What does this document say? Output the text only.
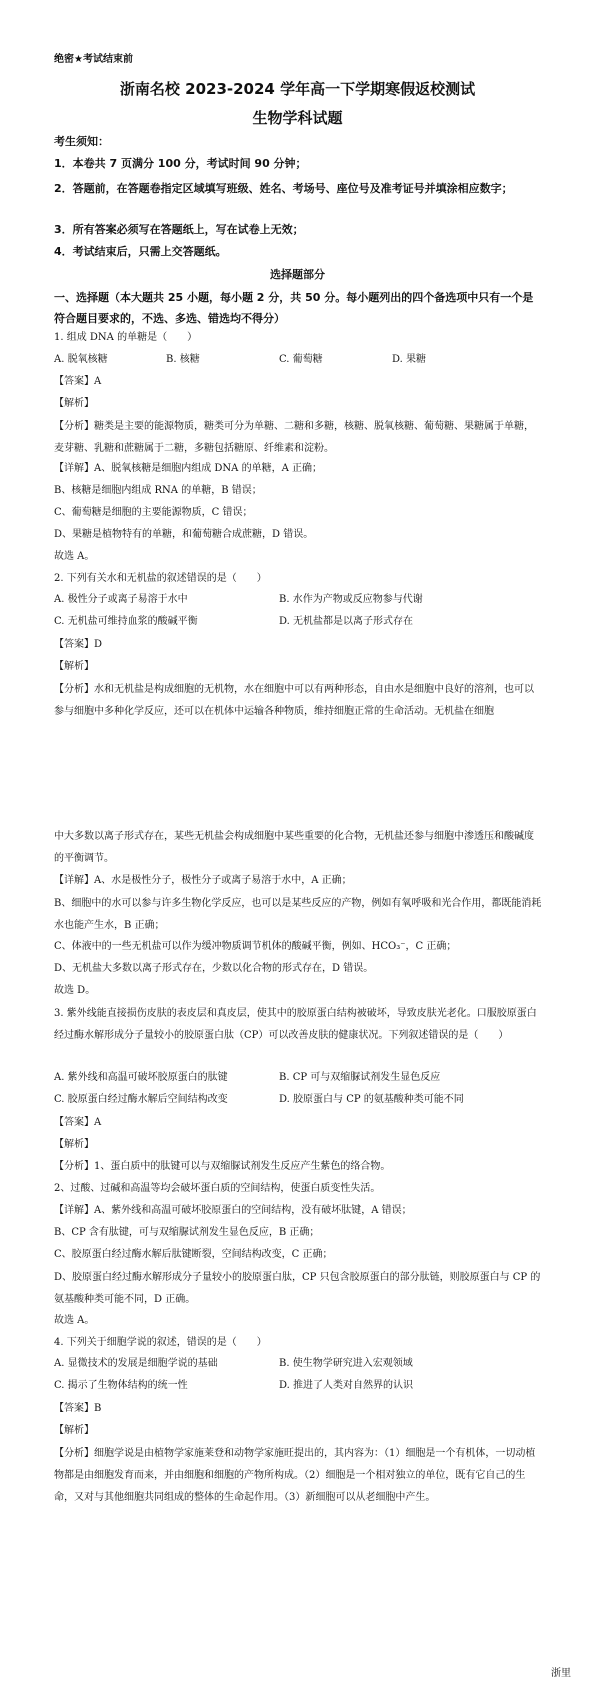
绝密★考试结束前
浙南名校 2023-2024 学年高一下学期寒假返校测试
生物学科试题
考生须知：
1．本卷共 7 页满分 100 分，考试时间 90 分钟；
2．答题前，在答题卷指定区域填写班级、姓名、考场号、座位号及准考证号并填涂相应数字；
3．所有答案必须写在答题纸上，写在试卷上无效；
4．考试结束后，只需上交答题纸。
选择题部分
一、选择题（本大题共 25 小题，每小题 2 分，共 50 分。每小题列出的四个备选项中只有一个是符合题目要求的，不选、多选、错选均不得分）
1. 组成 DNA 的单糖是（　　）
A. 脱氧核糖	B. 核糖	C. 葡萄糖	D. 果糖
【答案】A
【解析】
【分析】糖类是主要的能源物质，糖类可分为单糖、二糖和多糖，核糖、脱氧核糖、葡萄糖、果糖属于单糖，麦芽糖、乳糖和蔗糖属于二糖，多糖包括糖原、纤维素和淀粉。
【详解】A、脱氧核糖是细胞内组成 DNA 的单糖，A 正确；
B、核糖是细胞内组成 RNA 的单糖，B 错误；
C、葡萄糖是细胞的主要能源物质，C 错误；
D、果糖是植物特有的单糖，和葡萄糖合成蔗糖，D 错误。
故选 A。
2. 下列有关水和无机盐的叙述错误的是（　　）
A. 极性分子或离子易溶于水中	B. 水作为产物或反应物参与代谢
C. 无机盐可维持血浆的酸碱平衡	D. 无机盐都是以离子形式存在
【答案】D
【解析】
【分析】水和无机盐是构成细胞的无机物，水在细胞中可以有两种形态，自由水是细胞中良好的溶剂，也可以参与细胞中多种化学反应，还可以在机体中运输各种物质，维持细胞正常的生命活动。无机盐在细胞
中大多数以离子形式存在，某些无机盐会构成细胞中某些重要的化合物，无机盐还参与细胞中渗透压和酸碱度的平衡调节。
【详解】A、水是极性分子，极性分子或离子易溶于水中，A 正确；
B、细胞中的水可以参与许多生物化学反应，也可以是某些反应的产物，例如有氧呼吸和光合作用，都既能消耗水也能产生水，B 正确；
C、体液中的一些无机盐可以作为缓冲物质调节机体的酸碱平衡，例如、HCO₃⁻，C 正确；
D、无机盐大多数以离子形式存在，少数以化合物的形式存在，D 错误。
故选 D。
3. 紫外线能直接损伤皮肤的表皮层和真皮层，使其中的胶原蛋白结构被破坏，导致皮肤光老化。口服胶原蛋白经过酶水解形成分子量较小的胶原蛋白肽（CP）可以改善皮肤的健康状况。下列叙述错误的是（　　）
A. 紫外线和高温可破坏胶原蛋白的肽键	B. CP 可与双缩脲试剂发生显色反应
C. 胶原蛋白经过酶水解后空间结构改变	D. 胶原蛋白与 CP 的氨基酸种类可能不同
【答案】A
【解析】
【分析】1、蛋白质中的肽键可以与双缩脲试剂发生反应产生紫色的络合物。
2、过酸、过碱和高温等均会破坏蛋白质的空间结构，使蛋白质变性失活。
【详解】A、紫外线和高温可破坏胶原蛋白的空间结构，没有破坏肽键，A 错误；
B、CP 含有肽键，可与双缩脲试剂发生显色反应，B 正确；
C、胶原蛋白经过酶水解后肽键断裂，空间结构改变，C 正确；
D、胶原蛋白经过酶水解形成分子量较小的胶原蛋白肽，CP 只包含胶原蛋白的部分肽链，则胶原蛋白与 CP 的氨基酸种类可能不同，D 正确。
故选 A。
4. 下列关于细胞学说的叙述，错误的是（　　）
A. 显微技术的发展是细胞学说的基础	B. 使生物学研究进入宏观领域
C. 揭示了生物体结构的统一性	D. 推进了人类对自然界的认识
【答案】B
【解析】
【分析】细胞学说是由植物学家施莱登和动物学家施旺提出的，其内容为：（1）细胞是一个有机体，一切动植物都是由细胞发育而来，并由细胞和细胞的产物所构成。（2）细胞是一个相对独立的单位，既有它自己的生命，又对与其他细胞共同组成的整体的生命起作用。（3）新细胞可以从老细胞中产生。
浙里
